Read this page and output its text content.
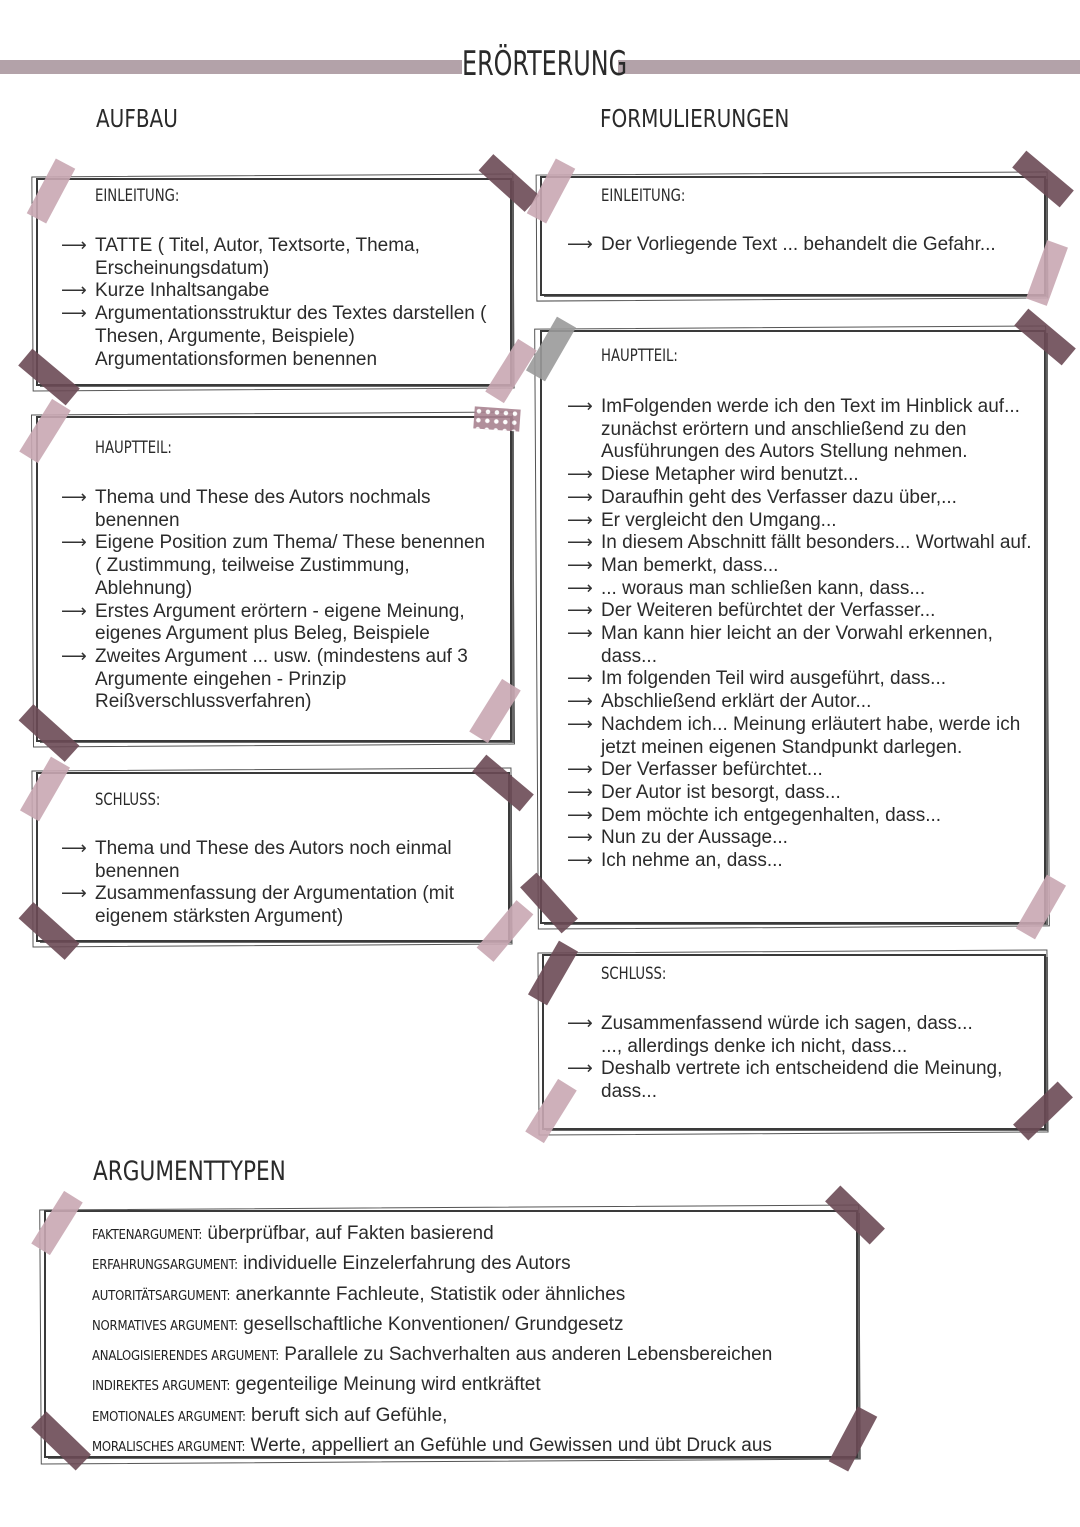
ERÖRTERUNG
AUFBAU	FORMULIERUNGEN
EINLEITUNG:
⟶ TATTE ( Titel, Autor, Textsorte, Thema, Erscheinungsdatum)
⟶ Kurze Inhaltsangabe
⟶ Argumentationsstruktur des Textes darstellen ( Thesen, Argumente, Beispiele) Argumentationsformen benennen
HAUPTTEIL:
⟶ Thema und These des Autors nochmals benennen
⟶ Eigene Position zum Thema/ These benennen ( Zustimmung, teilweise Zustimmung, Ablehnung)
⟶ Erstes Argument erörtern - eigene Meinung, eigenes Argument plus Beleg, Beispiele
⟶ Zweites Argument ... usw. (mindestens auf 3 Argumente eingehen - Prinzip Reißverschlussverfahren)
SCHLUSS:
⟶ Thema und These des Autors noch einmal benennen
⟶ Zusammenfassung der Argumentation (mit eigenem stärksten Argument)
EINLEITUNG:
⟶ Der Vorliegende Text ... behandelt die Gefahr...
HAUPTTEIL:
⟶ ImFolgenden werde ich den Text im Hinblick auf... zunächst erörtern und anschließend zu den Ausführungen des Autors Stellung nehmen.
⟶ Diese Metapher wird benutzt...
⟶ Daraufhin geht des Verfasser dazu über,...
⟶ Er vergleicht den Umgang...
⟶ In diesem Abschnitt fällt besonders... Wortwahl auf.
⟶ Man bemerkt, dass...
⟶ ... woraus man schließen kann, dass...
⟶ Der Weiteren befürchtet der Verfasser...
⟶ Man kann hier leicht an der Vorwahl erkennen, dass...
⟶ Im folgenden Teil wird ausgeführt, dass...
⟶ Abschließend erklärt der Autor...
⟶ Nachdem ich... Meinung erläutert habe, werde ich jetzt meinen eigenen Standpunkt darlegen.
⟶ Der Verfasser befürchtet...
⟶ Der Autor ist besorgt, dass...
⟶ Dem möchte ich entgegenhalten, dass...
⟶ Nun zu der Aussage...
⟶ Ich nehme an, dass...
SCHLUSS:
⟶ Zusammenfassend würde ich sagen, dass...
..., allerdings denke ich nicht, dass...
⟶ Deshalb vertrete ich entscheidend die Meinung, dass...
ARGUMENTTYPEN
FAKTENARGUMENT: überprüfbar, auf Fakten basierend
ERFAHRUNGSARGUMENT: individuelle Einzelerfahrung des Autors
AUTORITÄTSARGUMENT: anerkannte Fachleute, Statistik oder ähnliches
NORMATIVES ARGUMENT: gesellschaftliche Konventionen/ Grundgesetz
ANALOGISIERENDES ARGUMENT: Parallele zu Sachverhalten aus anderen Lebensbereichen
INDIREKTES ARGUMENT: gegenteilige Meinung wird entkräftet
EMOTIONALES ARGUMENT: beruft sich auf Gefühle,
MORALISCHES ARGUMENT: Werte, appelliert an Gefühle und Gewissen und übt Druck aus
